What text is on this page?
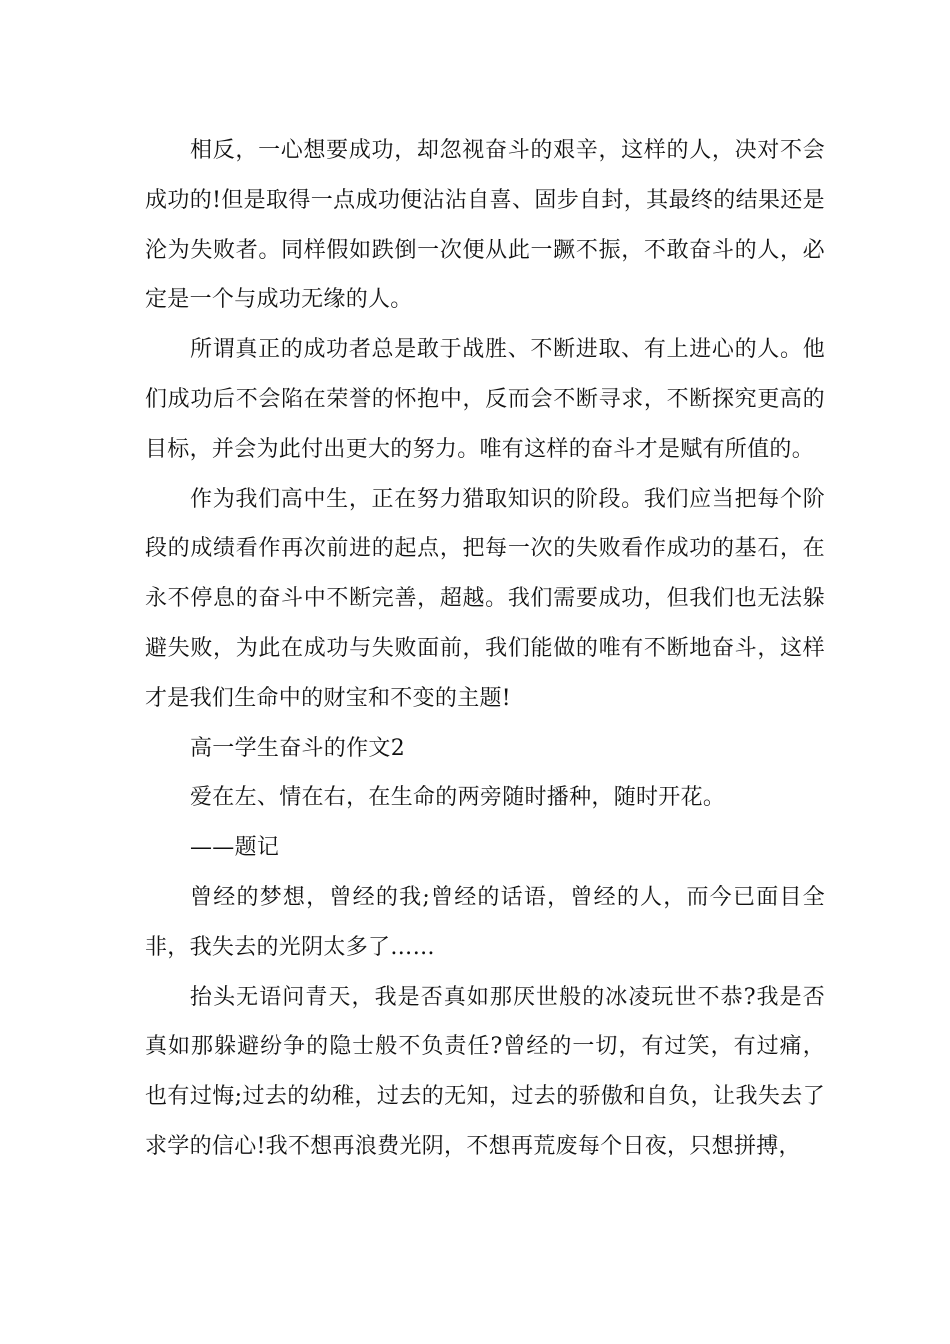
相反，一心想要成功，却忽视奋斗的艰辛，这样的人，决对不会成功的!但是取得一点成功便沾沾自喜、固步自封，其最终的结果还是沦为失败者。同样假如跌倒一次便从此一蹶不振，不敢奋斗的人，必定是一个与成功无缘的人。

所谓真正的成功者总是敢于战胜、不断进取、有上进心的人。他们成功后不会陷在荣誉的怀抱中，反而会不断寻求，不断探究更高的目标，并会为此付出更大的努力。唯有这样的奋斗才是赋有所值的。

作为我们高中生，正在努力猎取知识的阶段。我们应当把每个阶段的成绩看作再次前进的起点，把每一次的失败看作成功的基石，在永不停息的奋斗中不断完善，超越。我们需要成功，但我们也无法躲避失败，为此在成功与失败面前，我们能做的唯有不断地奋斗，这样才是我们生命中的财宝和不变的主题!

高一学生奋斗的作文2

爱在左、情在右，在生命的两旁随时播种，随时开花。

——题记

曾经的梦想，曾经的我;曾经的话语，曾经的人，而今已面目全非，我失去的光阴太多了……

抬头无语问青天，我是否真如那厌世般的冰凌玩世不恭?我是否真如那躲避纷争的隐士般不负责任?曾经的一切，有过笑，有过痛，也有过悔;过去的幼稚，过去的无知，过去的骄傲和自负，让我失去了求学的信心!我不想再浪费光阴，不想再荒废每个日夜，只想拼搏，
